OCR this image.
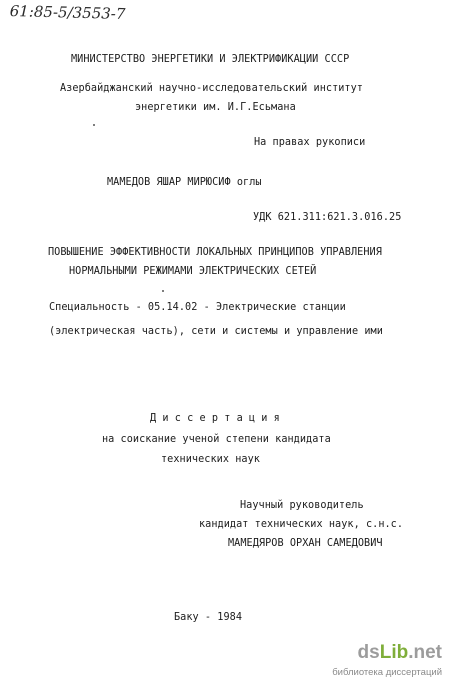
61:85-5/3553-7
МИНИСТЕРСТВО ЭНЕРГЕТИКИ И ЭЛЕКТРИФИКАЦИИ СССР
Азербайджанский научно-исследовательский институт
энергетики им. И.Г.Есьмана
На правах рукописи
МАМЕДОВ ЯШАР МИРЮСИФ оглы
УДК 621.311:621.3.016.25
ПОВЫШЕНИЕ ЭФФЕКТИВНОСТИ ЛОКАЛЬНЫХ ПРИНЦИПОВ УПРАВЛЕНИЯ
НОРМАЛЬНЫМИ РЕЖИМАМИ ЭЛЕКТРИЧЕСКИХ СЕТЕЙ
Специальность - 05.14.02 - Электрические станции
(электрическая часть), сети и системы и управление ими
Д и с с е р т а ц и я
на соискание ученой степени кандидата
технических наук
Научный руководитель
кандидат технических наук, с.н.с.
МАМЕДЯРОВ ОРХАН САМЕДОВИЧ
Баку - 1984
dsLib.net
библиотека диссертаций
